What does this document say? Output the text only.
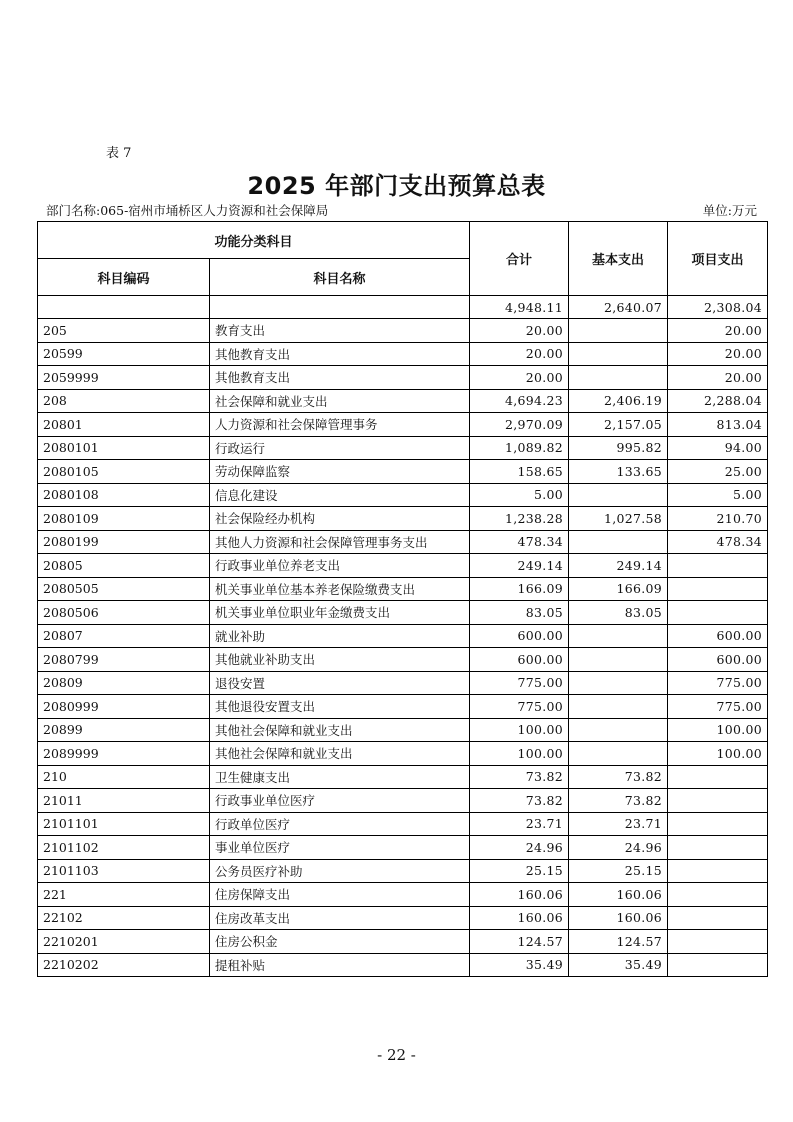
表 7
2025 年部门支出预算总表
部门名称:065-宿州市埇桥区人力资源和社会保障局	单位:万元
功能分类科目		合计	基本支出	项目支出
科目编码	科目名称			
		4,948.11	2,640.07	2,308.04
205	教育支出	20.00		20.00
20599	其他教育支出	20.00		20.00
2059999	其他教育支出	20.00		20.00
208	社会保障和就业支出	4,694.23	2,406.19	2,288.04
20801	人力资源和社会保障管理事务	2,970.09	2,157.05	813.04
2080101	行政运行	1,089.82	995.82	94.00
2080105	劳动保障监察	158.65	133.65	25.00
2080108	信息化建设	5.00		5.00
2080109	社会保险经办机构	1,238.28	1,027.58	210.70
2080199	其他人力资源和社会保障管理事务支出	478.34		478.34
20805	行政事业单位养老支出	249.14	249.14	
2080505	机关事业单位基本养老保险缴费支出	166.09	166.09	
2080506	机关事业单位职业年金缴费支出	83.05	83.05	
20807	就业补助	600.00		600.00
2080799	其他就业补助支出	600.00		600.00
20809	退役安置	775.00		775.00
2080999	其他退役安置支出	775.00		775.00
20899	其他社会保障和就业支出	100.00		100.00
2089999	其他社会保障和就业支出	100.00		100.00
210	卫生健康支出	73.82	73.82	
21011	行政事业单位医疗	73.82	73.82	
2101101	行政单位医疗	23.71	23.71	
2101102	事业单位医疗	24.96	24.96	
2101103	公务员医疗补助	25.15	25.15	
221	住房保障支出	160.06	160.06	
22102	住房改革支出	160.06	160.06	
2210201	住房公积金	124.57	124.57	
2210202	提租补贴	35.49	35.49	
- 22 -
